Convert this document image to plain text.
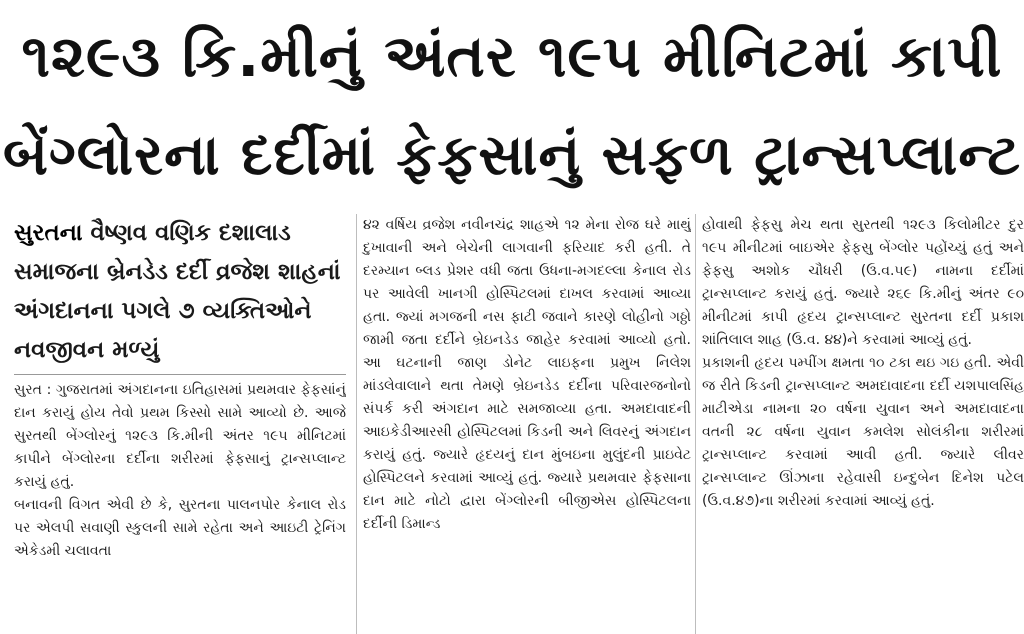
૧૨૯૩ કિ.મીનું અંતર ૧૯૫ મીનિટમાં કાપી
બેંગ્લોરના દર્દીમાં ફેફસાનું સફળ ટ્રાન્સપ્લાન્ટ

સુરતના વૈષ્ણવ વણિક દશાલાડ સમાજના બ્રેનડેડ દર્દી વ્રજેશ શાહનાં અંગદાનના પગલે ૭ વ્યક્તિઓને નવજીવન મળ્યું

સુરત : ગુજરાતમાં અંગદાનના ઇતિહાસમાં પ્રથમવાર ફેફસાંનું દાન કરાયું હોય તેવો પ્રથમ કિસ્સો સામે આવ્યો છે. આજે સુરતથી બેંગ્લોરનું ૧૨૯૩ કિ.મીની અંતર ૧૯૫ મીનિટમાં કાપીને બેંગ્લોરના દર્દીના શરીરમાં ફેફસાનું ટ્રાન્સપ્લાન્ટ કરાયું હતું.

બનાવની વિગત એવી છે કે, સુરતના પાલનપોર કેનાલ રોડ પર એલપી સવાણી સ્કુલની સામે રહેતા અને આઇટી ટ્રેનિંગ એકેડમી ચલાવતા

૪૨ વર્ષિય વ્રજેશ નવીનચંદ્ર શાહએ ૧૨ મેના રોજ ઘરે માથું દુખાવાની અને બેચેની લાગવાની ફરિયાદ કરી હતી. તે દરમ્યાન બ્લડ પ્રેશર વધી જતા ઉધના-મગદલ્લા કેનાલ રોડ પર આવેલી ખાનગી હોસ્પિટલમાં દાખલ કરવામાં આવ્યા હતા. જ્યાં મગજની નસ ફાટી જવાને કારણે લોહીનો ગઠ્ઠો જામી જતા દર્દીને બ્રેઇનડેડ જાહેર કરવામાં આવ્યો હતો. આ ઘટનાની જાણ ડોનેટ લાઇફના પ્રમુખ નિલેશ માંડલેવાલાને થતા તેમણે બ્રેઇનડેડ દર્દીના પરિવારજનોનો સંપર્ક કરી અંગદાન માટે સમજાવ્યા હતા. અમદાવાદની આઇકેડીઆરસી હોસ્પિટલમાં કિડની અને લિવરનું અંગદાન કરાયું હતું. જ્યારે હૃદયનું દાન મુંબઇના મુલુંદની પ્રાઇવેટ હોસ્પિટલને કરવામાં આવ્યું હતું. જ્યારે પ્રથમવાર ફેફસાના દાન માટે નોટો દ્વારા બેંગ્લોરની બીજીએસ હોસ્પિટલના દર્દીની ડિમાન્ડ

હોવાથી ફેફસુ મેચ થતા સુરતથી ૧૨૯૩ કિલોમીટર દુર ૧૯૫ મીનીટમાં બાઇએર ફેફસુ બેંગ્લોર પહોંચ્યું હતું અને ફેફસુ અશોક ચૌધરી (ઉ.વ.૫૯) નામના દર્દીમાં ટ્રાન્સપ્લાન્ટ કરાયું હતું. જ્યારે ૨૬૯ કિ.મીનું અંતર ૯૦ મીનીટમાં કાપી હૃદય ટ્રાન્સપ્લાન્ટ સુરતના દર્દી પ્રકાશ શાંતિલાલ શાહ (ઉ.વ. ૪૪)ને કરવામાં આવ્યું હતું.

પ્રકાશની હૃદય પમ્પીંગ ક્ષમતા ૧૦ ટકા થઇ ગઇ હતી. એવી જ રીતે કિડની ટ્રાન્સપ્લાન્ટ અમદાવાદના દર્દી યશપાલસિંહ માટીએડા નામના ૨૦ વર્ષના યુવાન અને અમદાવાદના વતની ૨૮ વર્ષના યુવાન કમલેશ સોલંકીના શરીરમાં ટ્રાન્સપ્લાન્ટ કરવામાં આવી હતી. જ્યારે લીવર ટ્રાન્સપ્લાન્ટ ઊંઝાના રહેવાસી ઇન્દુબેન દિનેશ પટેલ (ઉ.વ.૪૭)ના શરીરમાં કરવામાં આવ્યું હતું.
